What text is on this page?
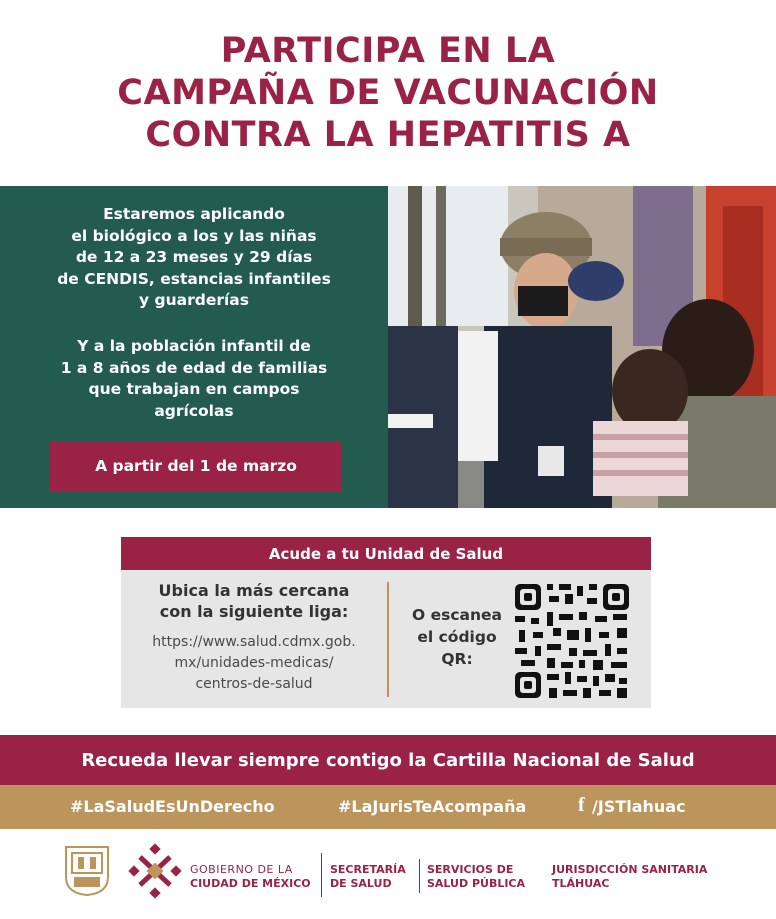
PARTICIPA EN LA
CAMPAÑA DE VACUNACIÓN
CONTRA LA HEPATITIS A
Estaremos aplicando
el biológico a los y las niñas
de 12 a 23 meses y 29 días
de CENDIS, estancias infantiles
y guarderías
Y a la población infantil de
1 a 8 años de edad de familias
que trabajan en campos
agrícolas
A partir del 1 de marzo
Acude a tu Unidad de Salud
Ubica la más cercana
con la siguiente liga:
https://www.salud.cdmx.gob.
mx/unidades-medicas/
centros-de-salud
O escanea
el código
QR:
Recueda llevar siempre contigo la Cartilla Nacional de Salud
#LaSaludEsUnDerecho	#LaJurisTeAcompaña	f /JSTlahuac
GOBIERNO DE LA
CIUDAD DE MÉXICO
SECRETARÍA
DE SALUD
SERVICIOS DE
SALUD PÚBLICA
JURISDICCIÓN SANITARIA
TLÁHUAC
